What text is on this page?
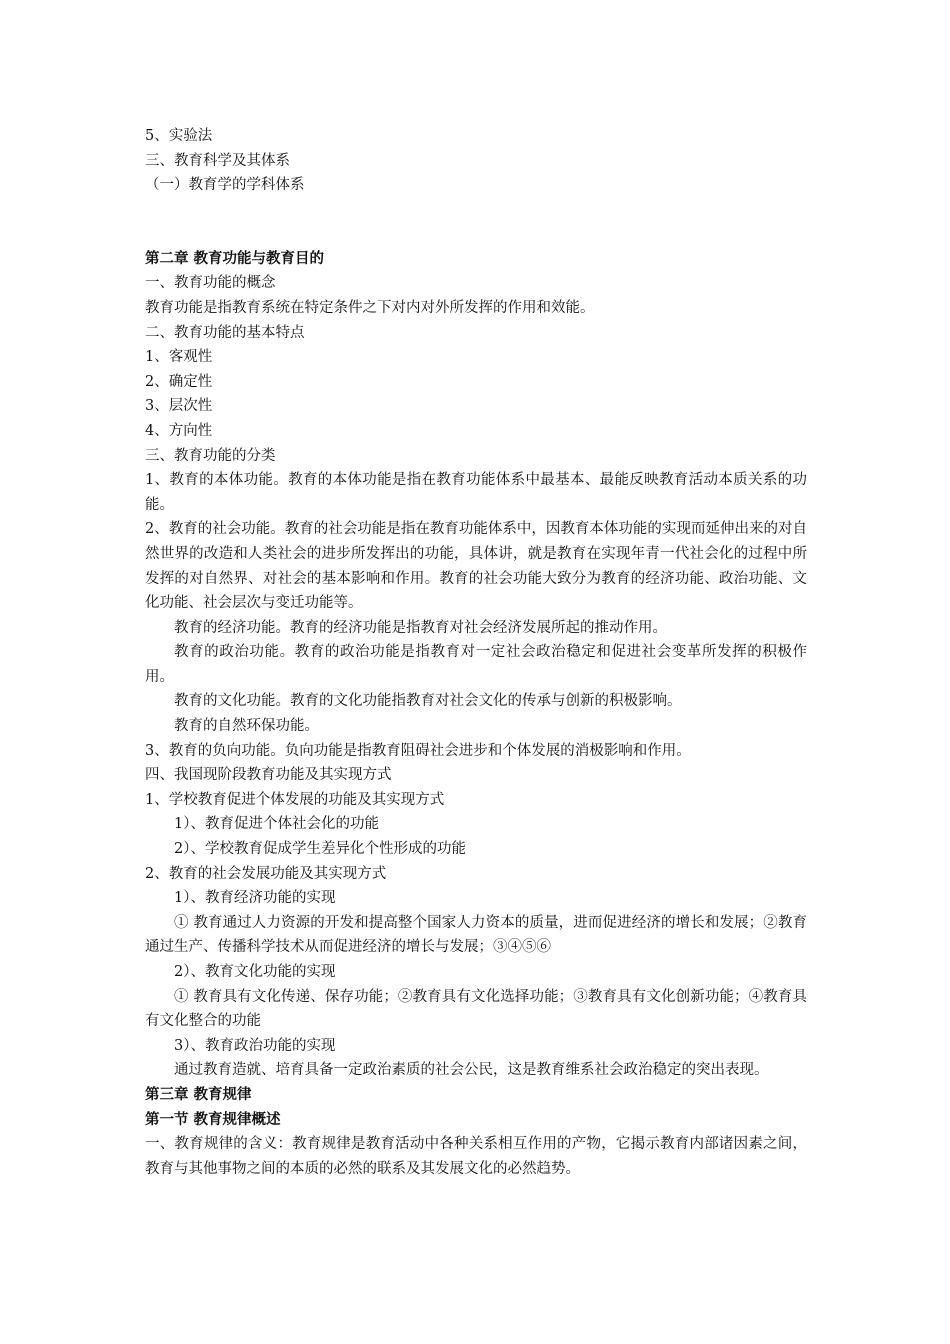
5、实验法

三、教育科学及其体系

（一）教育学的学科体系

第二章 教育功能与教育目的

一、教育功能的概念

教育功能是指教育系统在特定条件之下对内对外所发挥的作用和效能。

二、教育功能的基本特点

1、客观性

2、确定性

3、层次性

4、方向性

三、教育功能的分类

1、教育的本体功能。教育的本体功能是指在教育功能体系中最基本、最能反映教育活动本质关系的功能。

2、教育的社会功能。教育的社会功能是指在教育功能体系中，因教育本体功能的实现而延伸出来的对自然世界的改造和人类社会的进步所发挥出的功能，具体讲，就是教育在实现年青一代社会化的过程中所发挥的对自然界、对社会的基本影响和作用。教育的社会功能大致分为教育的经济功能、政治功能、文化功能、社会层次与变迁功能等。

教育的经济功能。教育的经济功能是指教育对社会经济发展所起的推动作用。

教育的政治功能。教育的政治功能是指教育对一定社会政治稳定和促进社会变革所发挥的积极作用。

教育的文化功能。教育的文化功能指教育对社会文化的传承与创新的积极影响。

教育的自然环保功能。

3、教育的负向功能。负向功能是指教育阻碍社会进步和个体发展的消极影响和作用。

四、我国现阶段教育功能及其实现方式

1、学校教育促进个体发展的功能及其实现方式

1）、教育促进个体社会化的功能

2）、学校教育促成学生差异化个性形成的功能

2、教育的社会发展功能及其实现方式

1）、教育经济功能的实现

① 教育通过人力资源的开发和提高整个国家人力资本的质量，进而促进经济的增长和发展；②教育通过生产、传播科学技术从而促进经济的增长与发展；③④⑤⑥

2）、教育文化功能的实现

① 教育具有文化传递、保存功能；②教育具有文化选择功能；③教育具有文化创新功能；④教育具有文化整合的功能

3）、教育政治功能的实现

通过教育造就、培育具备一定政治素质的社会公民，这是教育维系社会政治稳定的突出表现。

第三章 教育规律

第一节 教育规律概述

一、教育规律的含义：教育规律是教育活动中各种关系相互作用的产物，它揭示教育内部诸因素之间，教育与其他事物之间的本质的必然的联系及其发展文化的必然趋势。
